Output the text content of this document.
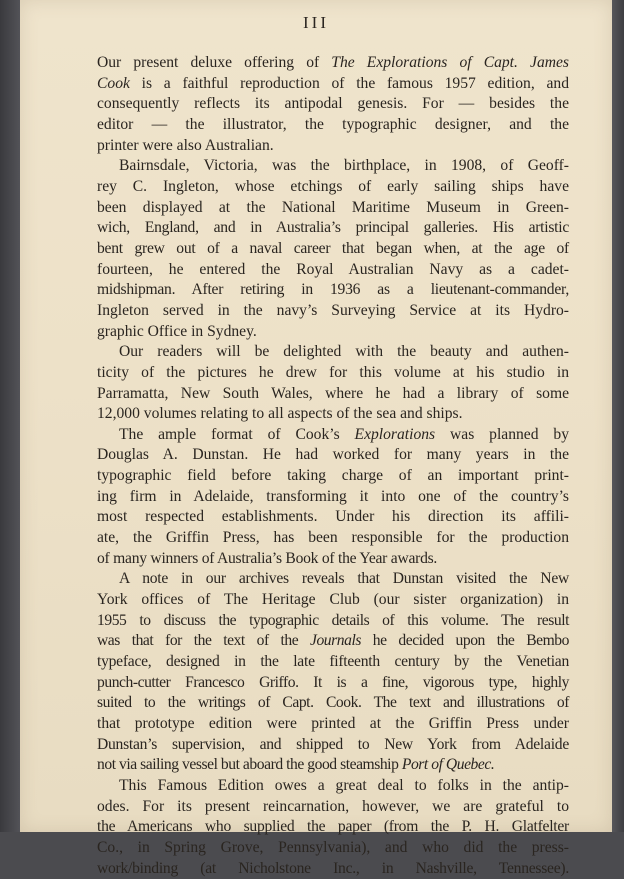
III
Our present deluxe offering of The Explorations of Capt. James
Cook is a faithful reproduction of the famous 1957 edition, and
consequently reflects its antipodal genesis. For — besides the
editor — the illustrator, the typographic designer, and the
printer were also Australian.
Bairnsdale, Victoria, was the birthplace, in 1908, of Geoff-
rey C. Ingleton, whose etchings of early sailing ships have
been displayed at the National Maritime Museum in Green-
wich, England, and in Australia’s principal galleries. His artistic
bent grew out of a naval career that began when, at the age of
fourteen, he entered the Royal Australian Navy as a cadet-
midshipman. After retiring in 1936 as a lieutenant-commander,
Ingleton served in the navy’s Surveying Service at its Hydro-
graphic Office in Sydney.
Our readers will be delighted with the beauty and authen-
ticity of the pictures he drew for this volume at his studio in
Parramatta, New South Wales, where he had a library of some
12,000 volumes relating to all aspects of the sea and ships.
The ample format of Cook’s Explorations was planned by
Douglas A. Dunstan. He had worked for many years in the
typographic field before taking charge of an important print-
ing firm in Adelaide, transforming it into one of the country’s
most respected establishments. Under his direction its affili-
ate, the Griffin Press, has been responsible for the production
of many winners of Australia’s Book of the Year awards.
A note in our archives reveals that Dunstan visited the New
York offices of The Heritage Club (our sister organization) in
1955 to discuss the typographic details of this volume. The result
was that for the text of the Journals he decided upon the Bembo
typeface, designed in the late fifteenth century by the Venetian
punch-cutter Francesco Griffo. It is a fine, vigorous type, highly
suited to the writings of Capt. Cook. The text and illustrations of
that prototype edition were printed at the Griffin Press under
Dunstan’s supervision, and shipped to New York from Adelaide
not via sailing vessel but aboard the good steamship Port of Quebec.
This Famous Edition owes a great deal to folks in the antip-
odes. For its present reincarnation, however, we are grateful to
the Americans who supplied the paper (from the P. H. Glatfelter
Co., in Spring Grove, Pennsylvania), and who did the press-
work/binding (at Nicholstone Inc., in Nashville, Tennessee).
